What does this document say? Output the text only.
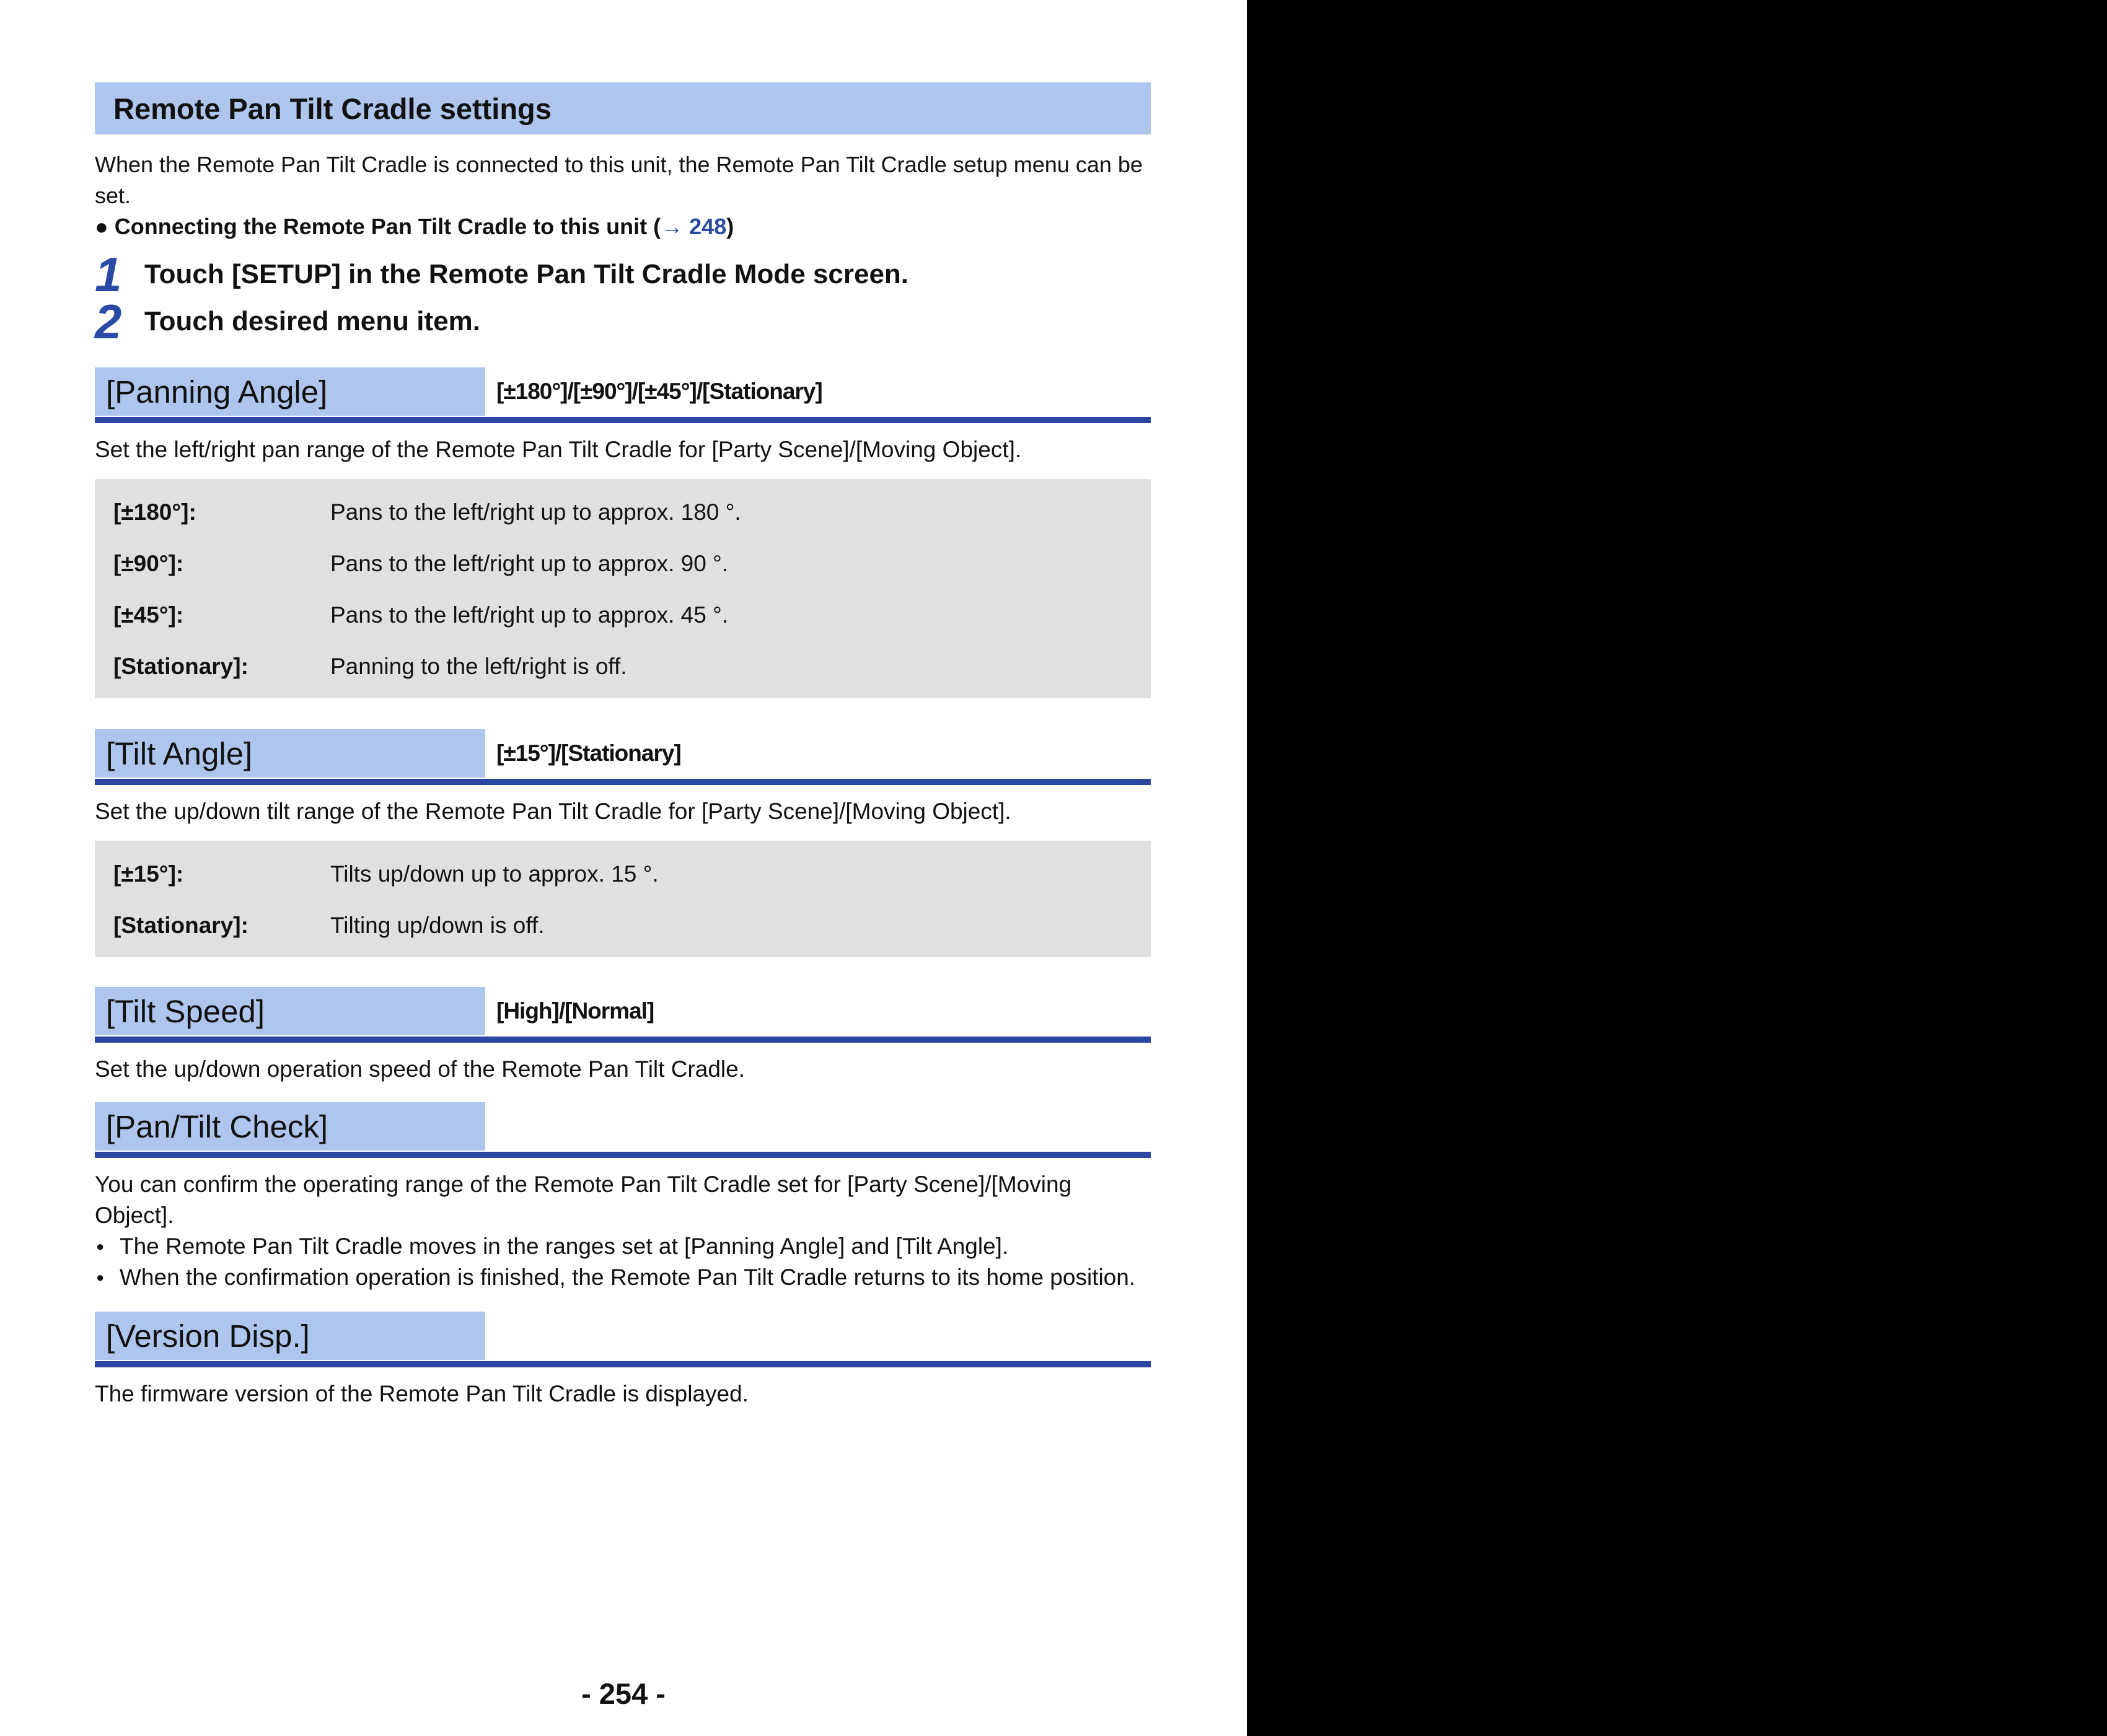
Remote Pan Tilt Cradle settings

When the Remote Pan Tilt Cradle is connected to this unit, the Remote Pan Tilt Cradle setup menu can be set.

● Connecting the Remote Pan Tilt Cradle to this unit (→ 248)
1 Touch [SETUP] in the Remote Pan Tilt Cradle Mode screen.
2 Touch desired menu item.
[Panning Angle]	[±180°]/[±90°]/[±45°]/[Stationary]
Set the left/right pan range of the Remote Pan Tilt Cradle for [Party Scene]/[Moving Object].
[±180°]:	Pans to the left/right up to approx. 180 °.
[±90°]:	Pans to the left/right up to approx. 90 °.
[±45°]:	Pans to the left/right up to approx. 45 °.
[Stationary]:	Panning to the left/right is off.
[Tilt Angle]	[±15°]/[Stationary]
Set the up/down tilt range of the Remote Pan Tilt Cradle for [Party Scene]/[Moving Object].
[±15°]:	Tilts up/down up to approx. 15 °.
[Stationary]:	Tilting up/down is off.
[Tilt Speed]	[High]/[Normal]
Set the up/down operation speed of the Remote Pan Tilt Cradle.
[Pan/Tilt Check]
You can confirm the operating range of the Remote Pan Tilt Cradle set for [Party Scene]/[Moving Object].
● The Remote Pan Tilt Cradle moves in the ranges set at [Panning Angle] and [Tilt Angle].
● When the confirmation operation is finished, the Remote Pan Tilt Cradle returns to its home position.
[Version Disp.]
The firmware version of the Remote Pan Tilt Cradle is displayed.
- 254 -
